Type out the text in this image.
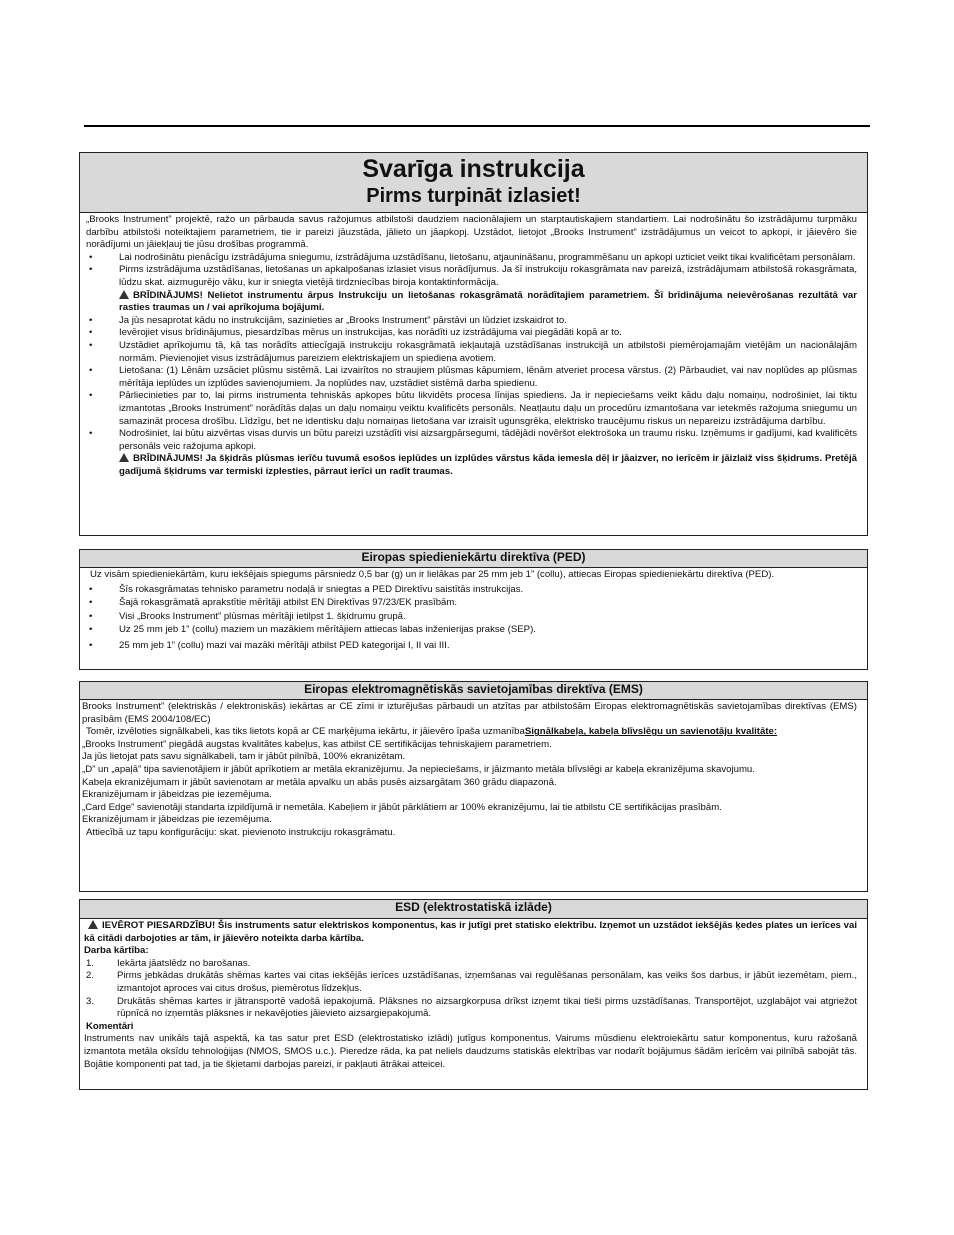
Svarīga instrukcija
Pirms turpināt izlasiet!
„Brooks Instrument” projektē, ražo un pārbauda savus ražojumus atbilstoši daudziem nacionālajiem un starptautiskajiem standartiem. Lai nodrošinātu šo izstrādājumu turpmāku darbību atbilstoši noteiktajiem parametriem, tie ir pareizi jāuzstāda, jālieto un jāapkopj. Uzstādot, lietojot „Brooks Instrument” izstrādājumus un veicot to apkopi, ir jāievēro šie norādījumi un jāiekļauj tie jūsu drošības programmā.
• Lai nodrošinātu pienācīgu izstrādājuma sniegumu, izstrādājuma uzstādīšanu, lietošanu, atjaunināšanu, programmēšanu un apkopi uzticiet veikt tikai kvalificētam personālam.
• Pirms izstrādājuma uzstādīšanas, lietošanas un apkalpošanas izlasiet visus norādījumus. Ja šī instrukciju rokasgrāmata nav pareizā, izstrādājumam atbilstošā rokasgrāmata, lūdzu skat. aizmugurējo vāku, kur ir sniegta vietējā tirdzniecības biroja kontaktinformācija.
BRĪDINĀJUMS! Nelietot instrumentu ārpus Instrukciju un lietošanas rokasgrāmatā norādītajiem parametriem. Šī brīdinājuma neievērošanas rezultātā var rasties traumas un / vai aprīkojuma bojājumi.
• Ja jūs nesaprotat kādu no instrukcijām, sazinieties ar „Brooks Instrument” pārstāvi un lūdziet izskaidrot to.
• Ievērojiet visus brīdinājumus, piesardzības mērus un instrukcijas, kas norādīti uz izstrādājuma vai piegādāti kopā ar to.
• Uzstādiet aprīkojumu tā, kā tas norādīts attiecīgajā instrukciju rokasgrāmatā iekļautajā uzstādīšanas instrukcijā un atbilstoši piemērojamajām vietējām un nacionālajām normām. Pievienojiet visus izstrādājumus pareiziem elektriskajiem un spiediena avotiem.
• Lietošana: (1) Lēnām uzsāciet plūsmu sistēmā. Lai izvairītos no straujiem plūsmas kāpumiem, lēnām atveriet procesa vārstus. (2) Pārbaudiet, vai nav noplūdes ap plūsmas mērītāja ieplūdes un izplūdes savienojumiem. Ja noplūdes nav, uzstādiet sistēmā darba spiedienu.
• Pārliecinieties par to, lai pirms instrumenta tehniskās apkopes būtu likvidēts procesa līnijas spiediens. Ja ir nepieciešams veikt kādu daļu nomaiņu, nodrošiniet, lai tiktu izmantotas „Brooks Instrument” norādītās daļas un daļu nomaiņu veiktu kvalificēts personāls. Neatļautu daļu un procedūru izmantošana var ietekmēs ražojuma sniegumu un samazināt procesa drošību. Līdzīgu, bet ne identisku daļu nomaiņas lietošana var izraisīt ugunsgrēka, elektrisko traucējumu riskus un nepareizu izstrādājuma darbību.
• Nodrošiniet, lai būtu aizvērtas visas durvis un būtu pareizi uzstādīti visi aizsargpārsegumi, tādējādi novēršot elektrošoka un traumu risku. Izņēmums ir gadījumi, kad kvalificēts personāls veic ražojuma apkopi.
BRĪDINĀJUMS! Ja šķidrās plūsmas ierīču tuvumā esošos ieplūdes un izplūdes vārstus kāda iemesla dēļ ir jāaizver, no ierīcēm ir jāizlaiž viss šķidrums. Pretējā gadījumā šķidrums var termiski izplesties, pārraut ierīci un radīt traumas.
Eiropas spiedieniekārtu direktīva (PED)
Uz visām spiedieniekārtām, kuru iekšējais spiegums pārsniedz 0,5 bar (g) un ir lielākas par 25 mm jeb 1” (collu), attiecas Eiropas spiedieniekārtu direktīva (PED).
• Šīs rokasgrāmatas tehnisko parametru nodaļā ir sniegtas a PED Direktīvu saistītās instrukcijas.
• Šajā rokasgrāmatā aprakstītie mērītāji atbilst EN Direktīvas 97/23/EK prasībām.
• Visi „Brooks Instrument” plūsmas mērītāji ietilpst 1. šķidrumu grupā.
• Uz 25 mm jeb 1” (collu) maziem un mazākiem mērītājiem attiecas labas inženierijas prakse (SEP).
• 25 mm jeb 1” (collu) mazi vai mazāki mērītāji atbilst PED kategorijai I, II vai III.
Eiropas elektromagnētiskās savietojamības direktīva (EMS)
Brooks Instrument” (elektriskās / elektroniskās) iekārtas ar CE zīmi ir izturējušas pārbaudi un atzītas par atbilstošām Eiropas elektromagnētiskās savietojamības direktīvas (EMS) prasībām (EMS 2004/108/EC)
Tomēr, izvēloties signālkabeli, kas tiks lietots kopā ar CE marķējuma iekārtu, ir jāievēro īpaša uzmanībaSignālkabeļa, kabeļa blīvslēgu un savienotāju kvalitāte:
„Brooks Instrument” piegādā augstas kvalitātes kabeļus, kas atbilst CE sertifikācijas tehniskajiem parametriem.
Ja jūs lietojat pats savu signālkabeli, tam ir jābūt pilnībā, 100% ekranizētam.
„D” un „apaļā” tipa savienotājiem ir jābūt aprīkotiem ar metāla ekranizējumu. Ja nepieciešams, ir jāizmanto metāla blīvslēgi ar kabeļa ekranizējuma skavojumu.
Kabeļa ekranizējumam ir jābūt savienotam ar metāla apvalku un abās pusēs aizsargātam 360 grādu diapazonā.
Ekranizējumam ir jābeidzas pie iezemējuma.
„Card Edge” savienotāji standarta izpildījumā ir nemetāla. Kabeļiem ir jābūt pārklātiem ar 100% ekranizējumu, lai tie atbilstu CE sertifikācijas prasībām.
Ekranizējumam ir jābeidzas pie iezemējuma.
Attiecībā uz tapu konfigurāciju: skat. pievienoto instrukciju rokasgrāmatu.
ESD (elektrostatiskā izlāde)
IEVĒROT PIESARDZĪBU! Šis instruments satur elektriskos komponentus, kas ir jutīgi pret statisko elektrību. Izņemot un uzstādot iekšējās ķedes plates un ierīces vai kā citādi darbojoties ar tām, ir jāievēro noteikta darba kārtība.
Darba kārtība:
1. Iekārta jāatslēdz no barošanas.
2. Pirms jebkādas drukātās shēmas kartes vai citas iekšējās ierīces uzstādīšanas, izņemšanas vai regulēšanas personālam, kas veiks šos darbus, ir jābūt iezemētam, piem., izmantojot aproces vai citus drošus, piemērotus līdzekļus.
3. Drukātās shēmas kartes ir jātransportē vadošā iepakojumā. Plāksnes no aizsargkorpusa drīkst izņemt tikai tieši pirms uzstādīšanas. Transportējot, uzglabājot vai atgriežot rūpnīcā no izņemtās plāksnes ir nekavējoties jāievieto aizsargiepakojumā.
Komentāri
Instruments nav unikāls tajā aspektā, ka tas satur pret ESD (elektrostatisko izlādi) jutīgus komponentus. Vairums mūsdienu elektroiekārtu satur komponentus, kuru ražošanā izmantota metāla oksīdu tehnoloģijas (NMOS, SMOS u.c.). Pieredze rāda, ka pat neliels daudzums statiskās elektrības var nodarīt bojājumus šādām ierīcēm vai pilnībā sabojāt tās. Bojātie komponenti pat tad, ja tie šķietami darbojas pareizi, ir pakļauti ātrākai atteicei.
